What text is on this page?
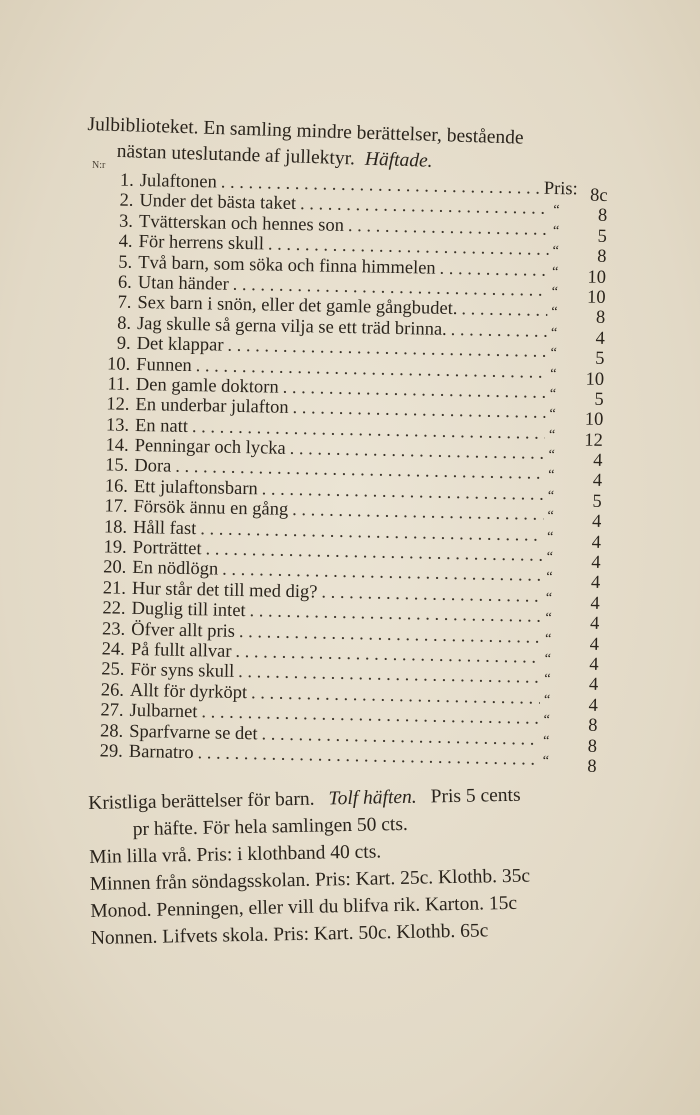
Julbiblioteket. En samling mindre berättelser, bestående
nästan uteslutande af jullektyr. Häftade.
N:r
1. Julaftonen . . .	Pris: 8c
2. Under det bästa taket . . .	“	8
3. Tvätterskan och hennes son . . .	“	5
4. För herrens skull . . .	“	8
5. Två barn, som söka och finna himmelen . . .	“	10
6. Utan händer . . .	“	10
7. Sex barn i snön, eller det gamle gångbudet. . . .	“	8
8. Jag skulle så gerna vilja se ett träd brinna. . . .	“	4
9. Det klappar . . .	“	5
10. Funnen . . .	“	10
11. Den gamle doktorn . . .	“	5
12. En underbar julafton . . .	“	10
13. En natt . . .	“	12
14. Penningar och lycka . . .	“	4
15. Dora . . .	“	4
16. Ett julaftonsbarn . . .	“	5
17. Försök ännu en gång . . .	“	4
18. Håll fast . . .	“	4
19. Porträttet . . .	“	4
20. En nödlögn . . .	“	4
21. Hur står det till med dig? . . .	“	4
22. Duglig till intet . . .	“	4
23. Öfver allt pris . . .	“	4
24. På fullt allvar . . .	“	4
25. För syns skull . . .	“	4
26. Allt för dyrköpt . . .	“	4
27. Julbarnet . . .	“	8
28. Sparfvarne se det . . .	“	8
29. Barnatro . . .	“	8
Kristliga berättelser för barn. Tolf häften. Pris 5 cents
pr häfte. För hela samlingen 50 cts.
Min lilla vrå. Pris: i klothband 40 cts.
Minnen från söndagsskolan. Pris: Kart. 25c. Klothb. 35c
Monod. Penningen, eller vill du blifva rik. Karton. 15c
Nonnen. Lifvets skola. Pris: Kart. 50c. Klothb. 65c
